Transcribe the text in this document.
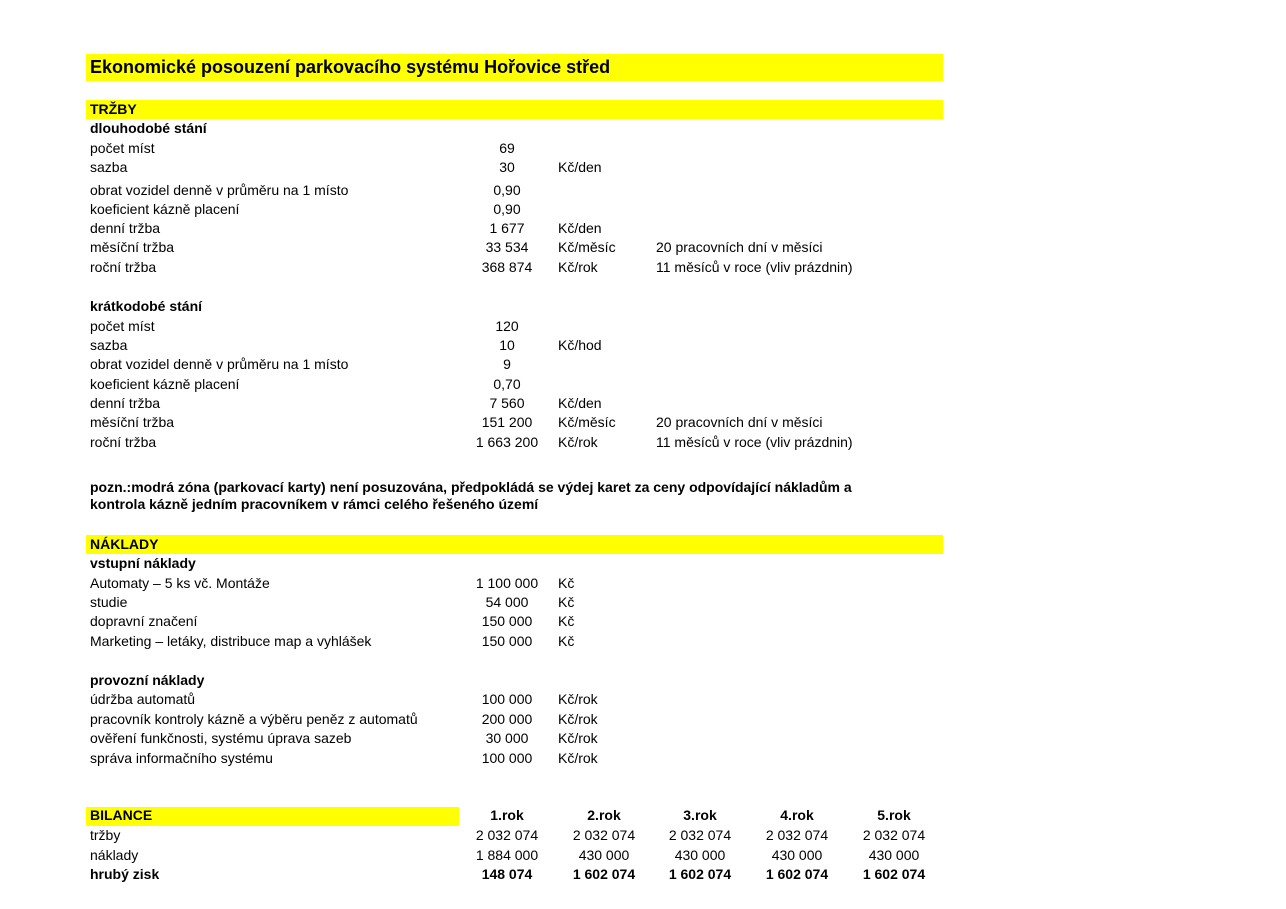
Ekonomické posouzení parkovacího systému Hořovice střed
TRŽBY
dlouhodobé stání
počet míst	69
sazba	30	Kč/den
obrat vozidel denně v průměru na 1 místo	0,90
koeficient kázně placení	0,90
denní tržba	1 677	Kč/den
měsíční tržba	33 534	Kč/měsíc	20 pracovních dní v měsíci
roční tržba	368 874	Kč/rok	11 měsíců v roce (vliv prázdnin)
krátkodobé stání
počet míst	120
sazba	10	Kč/hod
obrat vozidel denně v průměru na 1 místo	9
koeficient kázně placení	0,70
denní tržba	7 560	Kč/den
měsíční tržba	151 200	Kč/měsíc	20 pracovních dní v měsíci
roční tržba	1 663 200	Kč/rok	11 měsíců v roce (vliv prázdnin)
pozn.:modrá zóna (parkovací karty) není posuzována, předpokládá se výdej karet za ceny odpovídající nákladům a
kontrola kázně jedním pracovníkem v rámci celého řešeného území
NÁKLADY
vstupní náklady
Automaty – 5 ks vč. Montáže	1 100 000	Kč
studie	54 000	Kč
dopravní značení	150 000	Kč
Marketing – letáky, distribuce map a vyhlášek	150 000	Kč
provozní náklady
údržba automatů	100 000	Kč/rok
pracovník kontroly kázně a výběru peněz z automatů	200 000	Kč/rok
ověření funkčnosti, systému úprava sazeb	30 000	Kč/rok
správa informačního systému	100 000	Kč/rok
BILANCE	1.rok	2.rok	3.rok	4.rok	5.rok
tržby	2 032 074	2 032 074	2 032 074	2 032 074	2 032 074
náklady	1 884 000	430 000	430 000	430 000	430 000
hrubý zisk	148 074	1 602 074	1 602 074	1 602 074	1 602 074
